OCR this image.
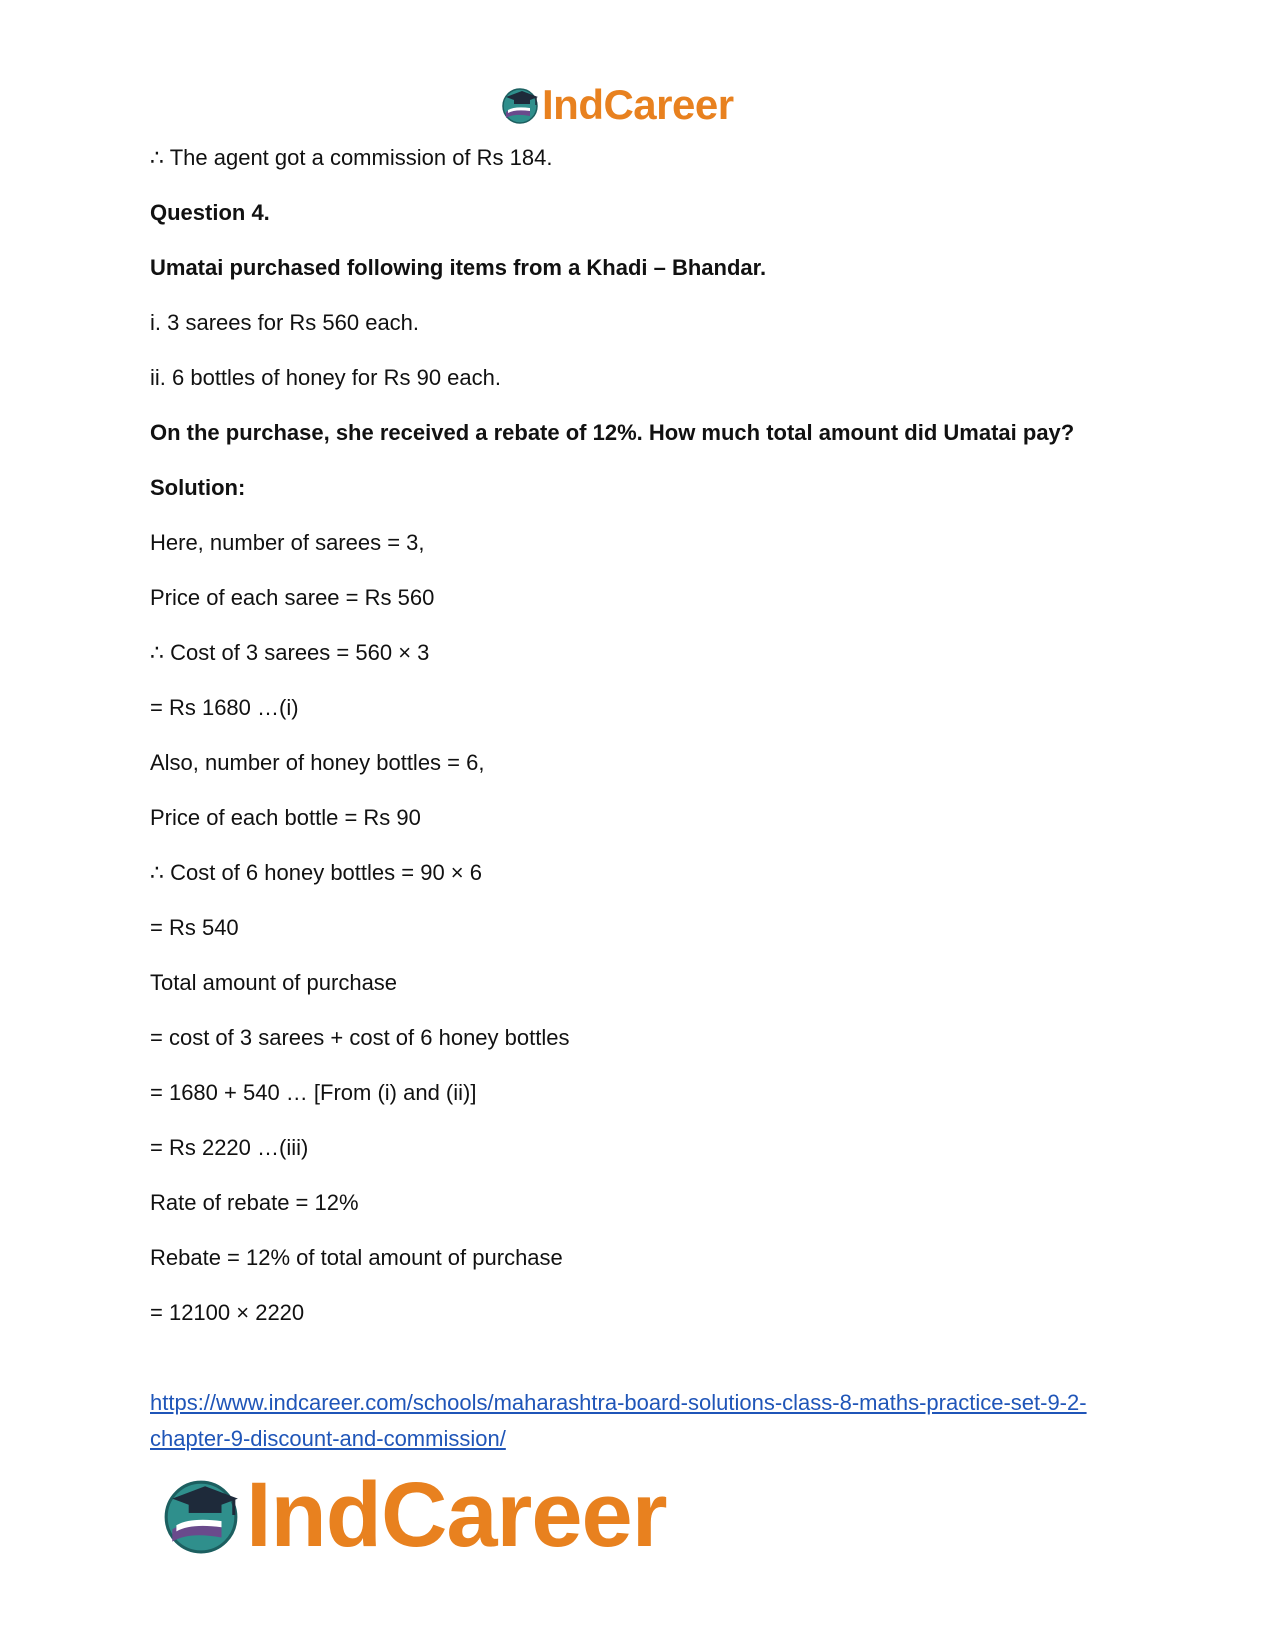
IndCareer
∴ The agent got a commission of Rs 184.
Question 4.
Umatai purchased following items from a Khadi – Bhandar.
i. 3 sarees for Rs 560 each.
ii. 6 bottles of honey for Rs 90 each.
On the purchase, she received a rebate of 12%. How much total amount did Umatai pay?
Solution:
Here, number of sarees = 3,
Price of each saree = Rs 560
∴ Cost of 3 sarees = 560 × 3
= Rs 1680 …(i)
Also, number of honey bottles = 6,
Price of each bottle = Rs 90
∴ Cost of 6 honey bottles = 90 × 6
= Rs 540
Total amount of purchase
= cost of 3 sarees + cost of 6 honey bottles
= 1680 + 540 … [From (i) and (ii)]
= Rs 2220 …(iii)
Rate of rebate = 12%
Rebate = 12% of total amount of purchase
= 12100 × 2220
https://www.indcareer.com/schools/maharashtra-board-solutions-class-8-maths-practice-set-9-2-
chapter-9-discount-and-commission/
IndCareer
